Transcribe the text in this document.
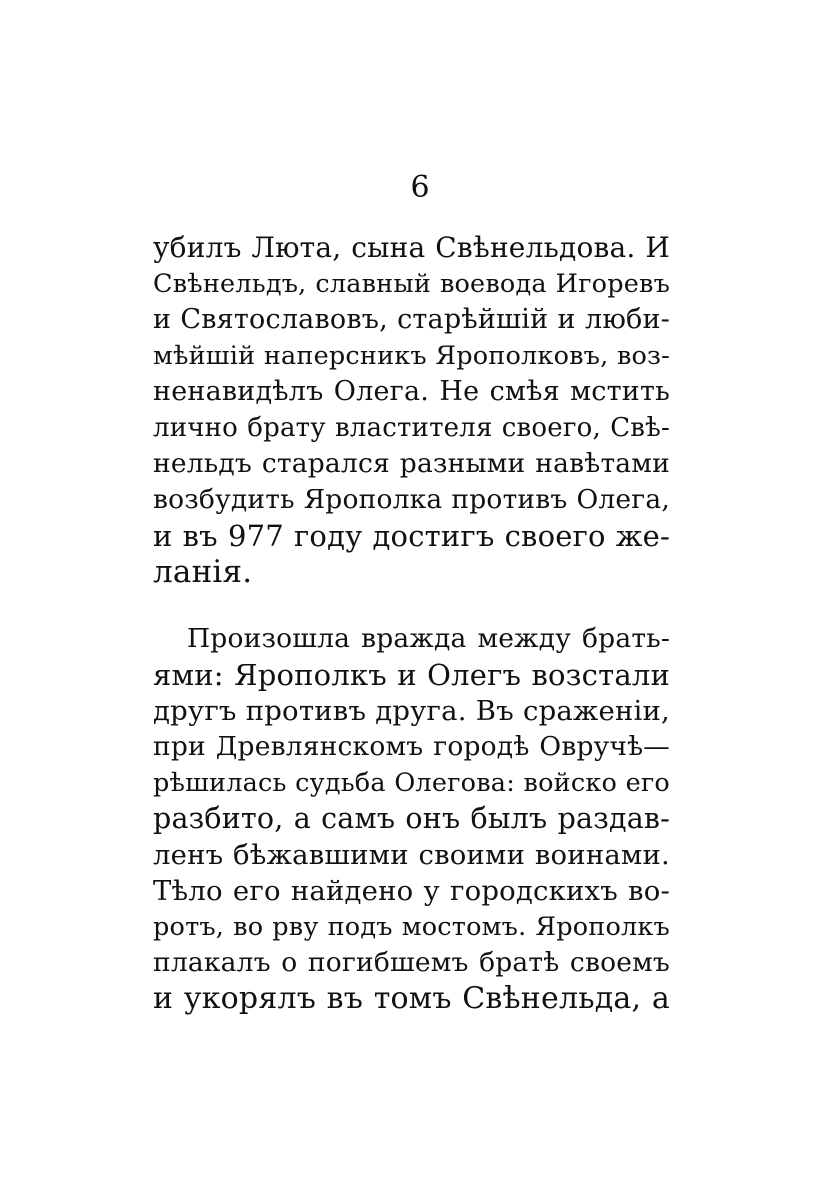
6
убилъ Люта, сына Свѣнельдова. И
Свѣнельдъ, славный воевода Игоревъ
и Святославовъ, старѣйшій и люби-
мѣйшій наперсникъ Ярополковъ, воз-
ненавидѣлъ Олега. Не смѣя мстить
лично брату властителя своего, Свѣ-
нельдъ старался разными навѣтами
возбудить Ярополка противъ Олега,
и въ 977 году достигъ своего же-
ланія.
Произошла вражда между брать-
ями: Ярополкъ и Олегъ возстали
другъ противъ друга. Въ сраженіи,
при Древлянскомъ городѣ Овручѣ—
рѣшилась судьба Олегова: войско его
разбито, а самъ онъ былъ раздав-
ленъ бѣжавшими своими воинами.
Тѣло его найдено у городскихъ во-
ротъ, во рву подъ мостомъ. Ярополкъ
плакалъ о погибшемъ братѣ своемъ
и укорялъ въ томъ Свѣнельда, а
